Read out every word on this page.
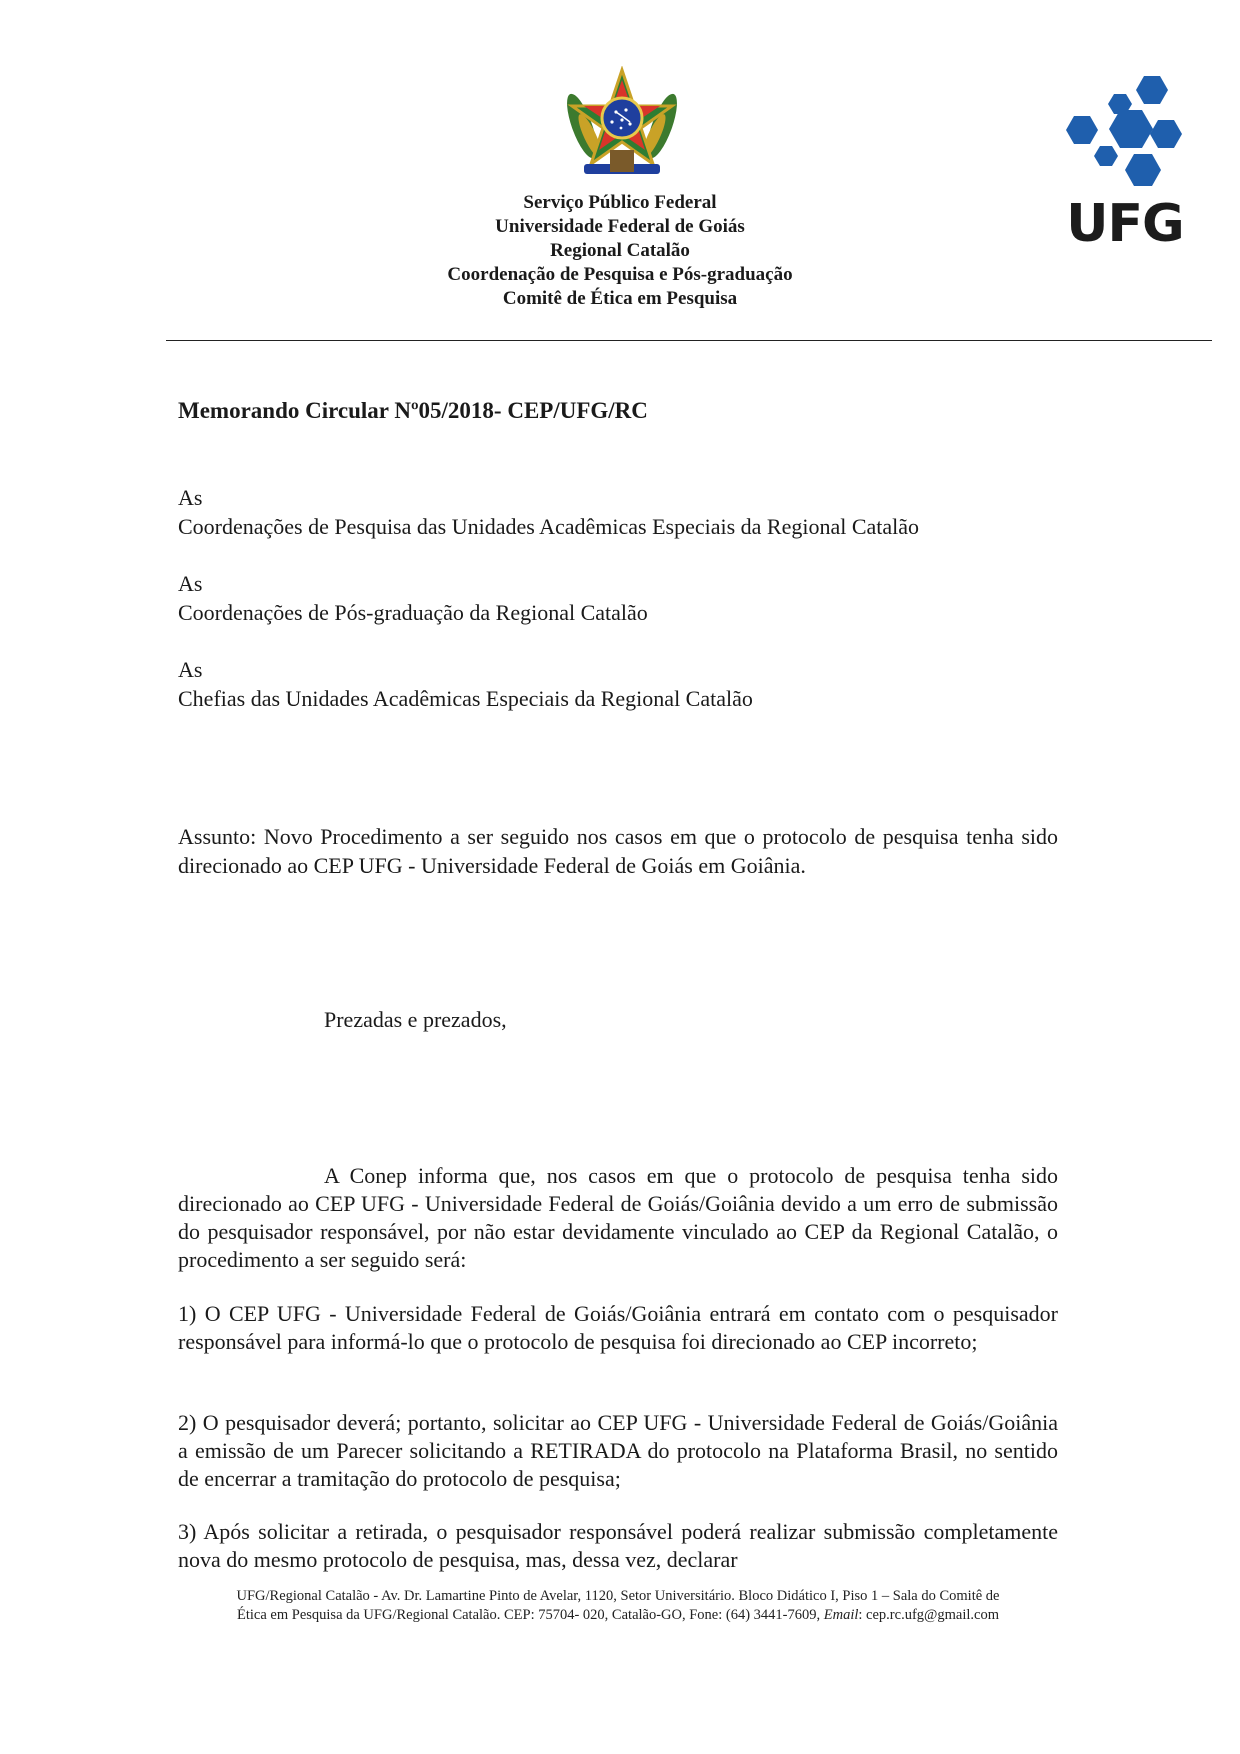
UFG
Serviço Público Federal
Universidade Federal de Goiás
Regional Catalão
Coordenação de Pesquisa e Pós-graduação
Comitê de Ética em Pesquisa
Memorando Circular Nº05/2018- CEP/UFG/RC
As
Coordenações de Pesquisa das Unidades Acadêmicas Especiais da Regional Catalão
As
Coordenações de Pós-graduação da Regional Catalão
As
Chefias das Unidades Acadêmicas Especiais da Regional Catalão
Assunto: Novo Procedimento a ser seguido nos casos em que o protocolo de pesquisa tenha sido direcionado ao CEP UFG - Universidade Federal de Goiás em Goiânia.
Prezadas e prezados,

A Conep informa que, nos casos em que o protocolo de pesquisa tenha sido direcionado ao CEP UFG - Universidade Federal de Goiás/Goiânia devido a um erro de submissão do pesquisador responsável, por não estar devidamente vinculado ao CEP da Regional Catalão, o procedimento a ser seguido será:

1) O CEP UFG - Universidade Federal de Goiás/Goiânia entrará em contato com o pesquisador responsável para informá-lo que o protocolo de pesquisa foi direcionado ao CEP incorreto;

2) O pesquisador deverá; portanto, solicitar ao CEP UFG - Universidade Federal de Goiás/Goiânia a emissão de um Parecer solicitando a RETIRADA do protocolo na Plataforma Brasil, no sentido de encerrar a tramitação do protocolo de pesquisa;

3) Após solicitar a retirada, o pesquisador responsável poderá realizar submissão completamente nova do mesmo protocolo de pesquisa, mas, dessa vez, declarar

UFG/Regional Catalão - Av. Dr. Lamartine Pinto de Avelar, 1120, Setor Universitário. Bloco Didático I, Piso 1 – Sala do Comitê de
Ética em Pesquisa da UFG/Regional Catalão. CEP: 75704- 020, Catalão-GO, Fone: (64) 3441-7609, Email: cep.rc.ufg@gmail.com
